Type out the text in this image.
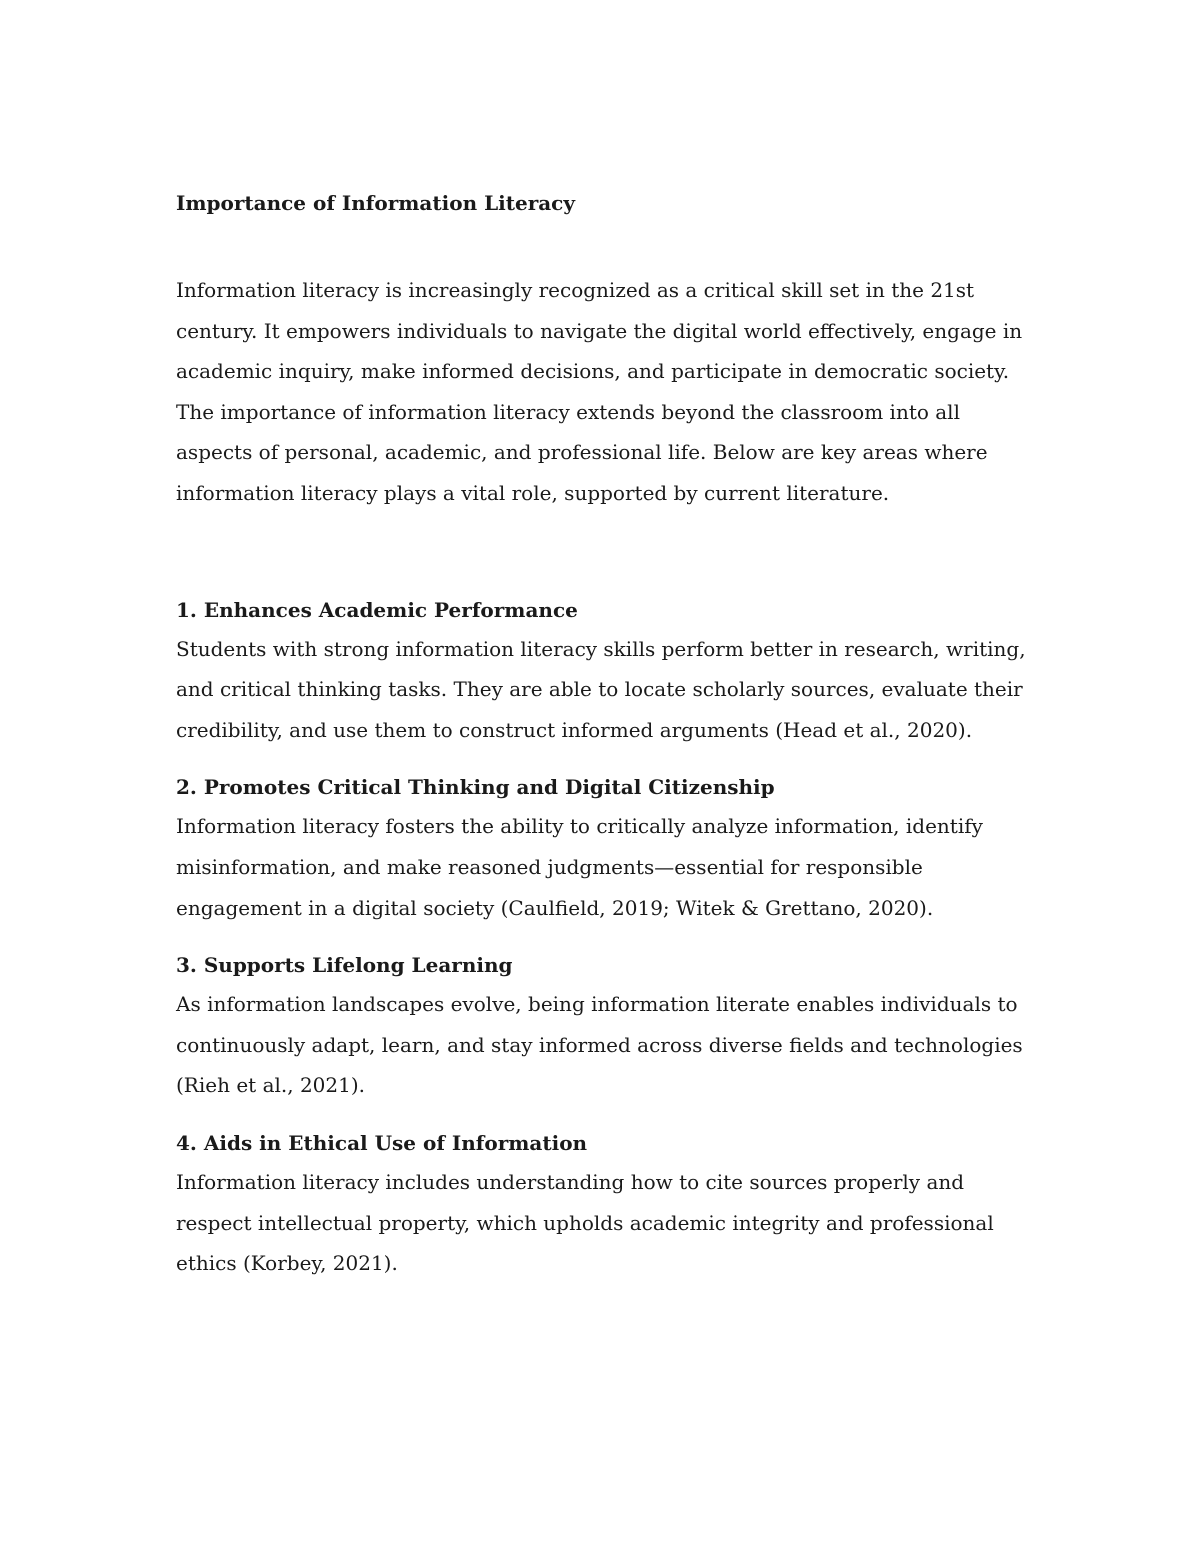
Importance of Information Literacy

Information literacy is increasingly recognized as a critical skill set in the 21st century. It empowers individuals to navigate the digital world effectively, engage in academic inquiry, make informed decisions, and participate in democratic society. The importance of information literacy extends beyond the classroom into all aspects of personal, academic, and professional life. Below are key areas where information literacy plays a vital role, supported by current literature.

1. Enhances Academic Performance

Students with strong information literacy skills perform better in research, writing, and critical thinking tasks. They are able to locate scholarly sources, evaluate their credibility, and use them to construct informed arguments (Head et al., 2020).

2. Promotes Critical Thinking and Digital Citizenship

Information literacy fosters the ability to critically analyze information, identify misinformation, and make reasoned judgments—essential for responsible engagement in a digital society (Caulfield, 2019; Witek & Grettano, 2020).

3. Supports Lifelong Learning

As information landscapes evolve, being information literate enables individuals to continuously adapt, learn, and stay informed across diverse fields and technologies (Rieh et al., 2021).

4. Aids in Ethical Use of Information

Information literacy includes understanding how to cite sources properly and respect intellectual property, which upholds academic integrity and professional ethics (Korbey, 2021).
